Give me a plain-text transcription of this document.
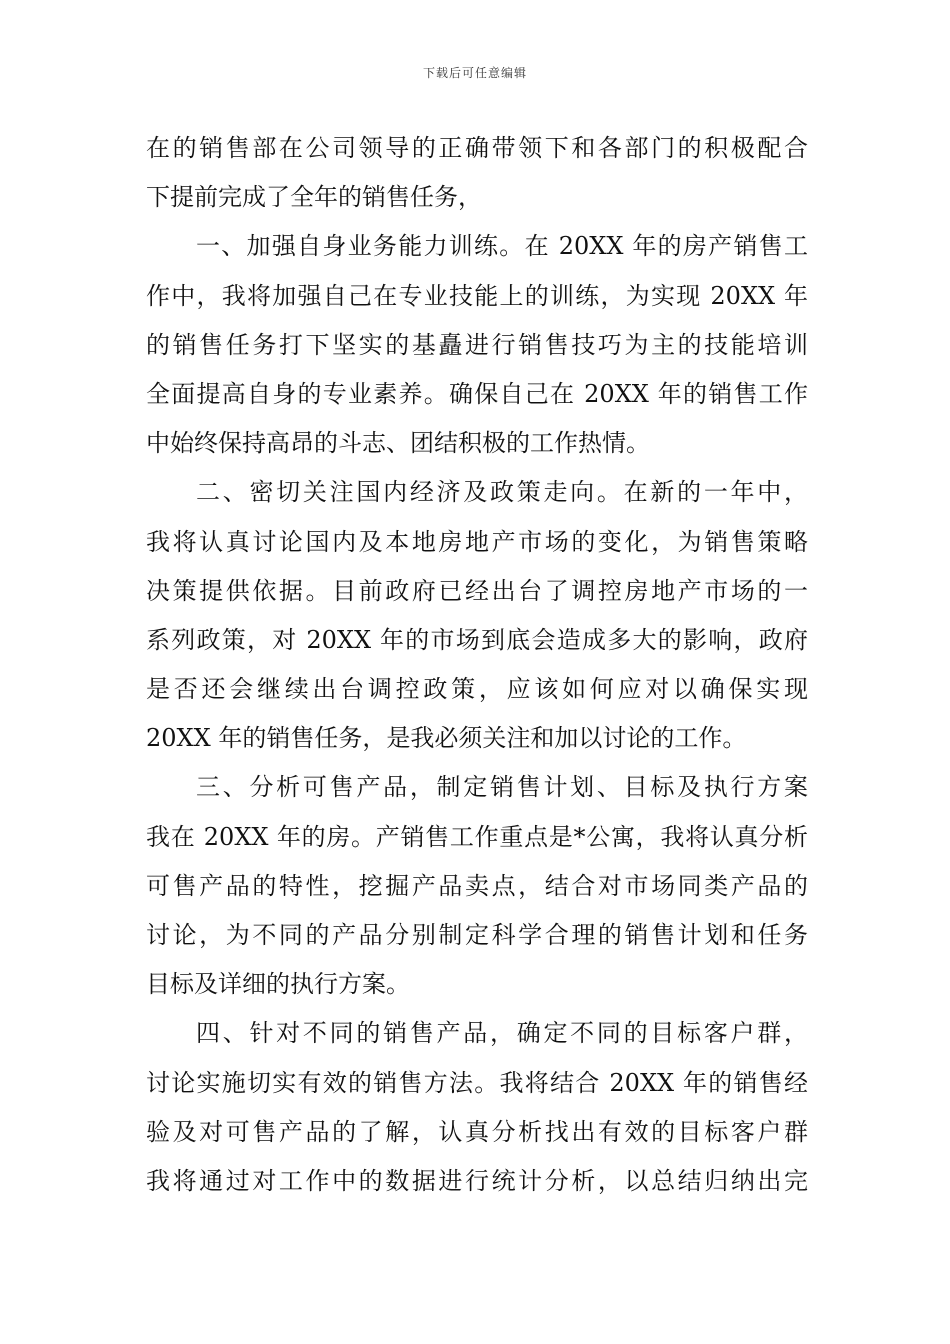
下载后可任意编辑
在的销售部在公司领导的正确带领下和各部门的积极配合
下提前完成了全年的销售任务，
一、加强自身业务能力训练。在 20XX 年的房产销售工
作中，我将加强自己在专业技能上的训练，为实现 20XX 年
的销售任务打下坚实的基矗进行销售技巧为主的技能培训
全面提高自身的专业素养。确保自己在 20XX 年的销售工作
中始终保持高昂的斗志、团结积极的工作热情。
二、密切关注国内经济及政策走向。在新的一年中，
我将认真讨论国内及本地房地产市场的变化，为销售策略
决策提供依据。目前政府已经出台了调控房地产市场的一
系列政策，对 20XX 年的市场到底会造成多大的影响，政府
是否还会继续出台调控政策，应该如何应对以确保实现
20XX 年的销售任务，是我必须关注和加以讨论的工作。
三、分析可售产品，制定销售计划、目标及执行方案
我在 20XX 年的房。产销售工作重点是*公寓，我将认真分析
可售产品的特性，挖掘产品卖点，结合对市场同类产品的
讨论，为不同的产品分别制定科学合理的销售计划和任务
目标及详细的执行方案。
四、针对不同的销售产品，确定不同的目标客户群，
讨论实施切实有效的销售方法。我将结合 20XX 年的销售经
验及对可售产品的了解，认真分析找出有效的目标客户群
我将通过对工作中的数据进行统计分析，以总结归纳出完
